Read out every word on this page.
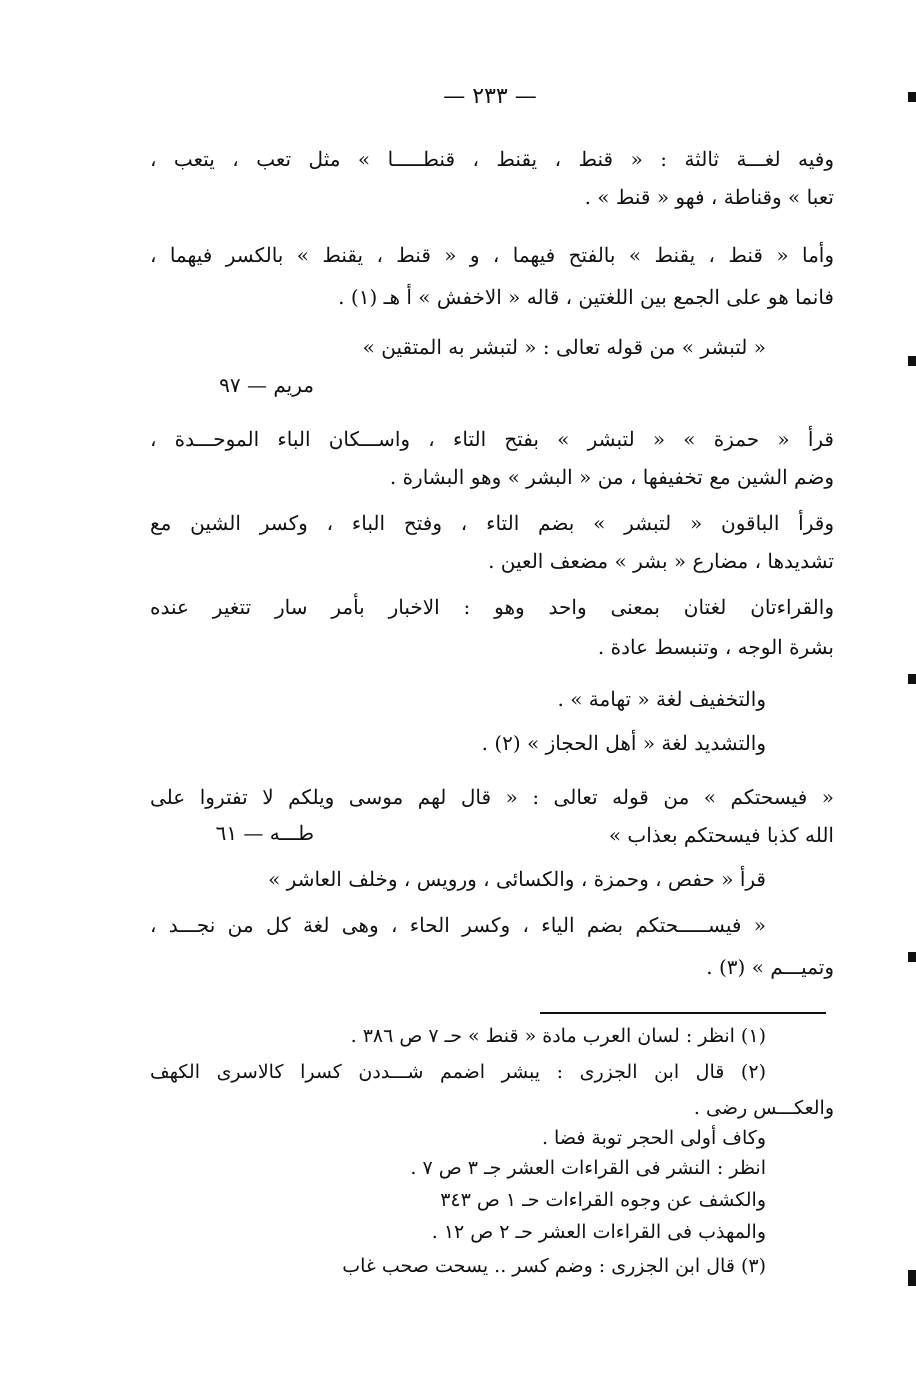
— ٢٣٣ —
وفيه لغـــة ثالثة : « قنط ، يقنط ، قنطـــــا » مثل تعب ، يتعب ،
تعبا » وقناطة ، فهو « قنط » .
وأما « قنط ، يقنط » بالفتح فيهما ، و « قنط ، يقنط » بالكسر فيهما ،
فانما هو على الجمع بين اللغتين ، قاله « الاخفش » أ هـ (١) .
« لتبشر » من قوله تعالى : « لتبشر به المتقين »
مريم — ٩٧
قرأ « حمزة » « لتبشر » بفتح التاء ، واســـكان الباء الموحـــدة ،
وضم الشين مع تخفيفها ، من « البشر » وهو البشارة .
وقرأ الباقون « لتبشر » بضم التاء ، وفتح الباء ، وكسر الشين مع
تشديدها ، مضارع « بشر » مضعف العين .
والقراءتان لغتان بمعنى واحد وهو : الاخبار بأمر سار تتغير عنده
بشرة الوجه ، وتنبسط عادة .
والتخفيف لغة « تهامة » .
والتشديد لغة « أهل الحجاز » (٢) .
« فيسحتكم » من قوله تعالى : « قال لهم موسى ويلكم لا تفتروا على
الله كذبا فيسحتكم بعذاب »
طـــه — ٦١
قرأ « حفص ، وحمزة ، والكسائى ، ورويس ، وخلف العاشر »
« فيســـــحتكم بضم الياء ، وكسر الحاء ، وهى لغة كل من نجـــد ،
وتميـــم » (٣) .
(١) انظر : لسان العرب مادة « قنط » حـ ٧ ص ٣٨٦ .
(٢) قال ابن الجزرى : يبشر اضمم شـــددن كسرا كالاسرى الكهف
والعكـــس رضى .
وكاف أولى الحجر توبة فضا .
انظر : النشر فى القراءات العشر جـ ٣ ص ٧ .
والكشف عن وجوه القراءات حـ ١ ص ٣٤٣
والمهذب فى القراءات العشر حـ ٢ ص ١٢ .
(٣) قال ابن الجزرى : وضم كسر .. يسحت صحب غاب
